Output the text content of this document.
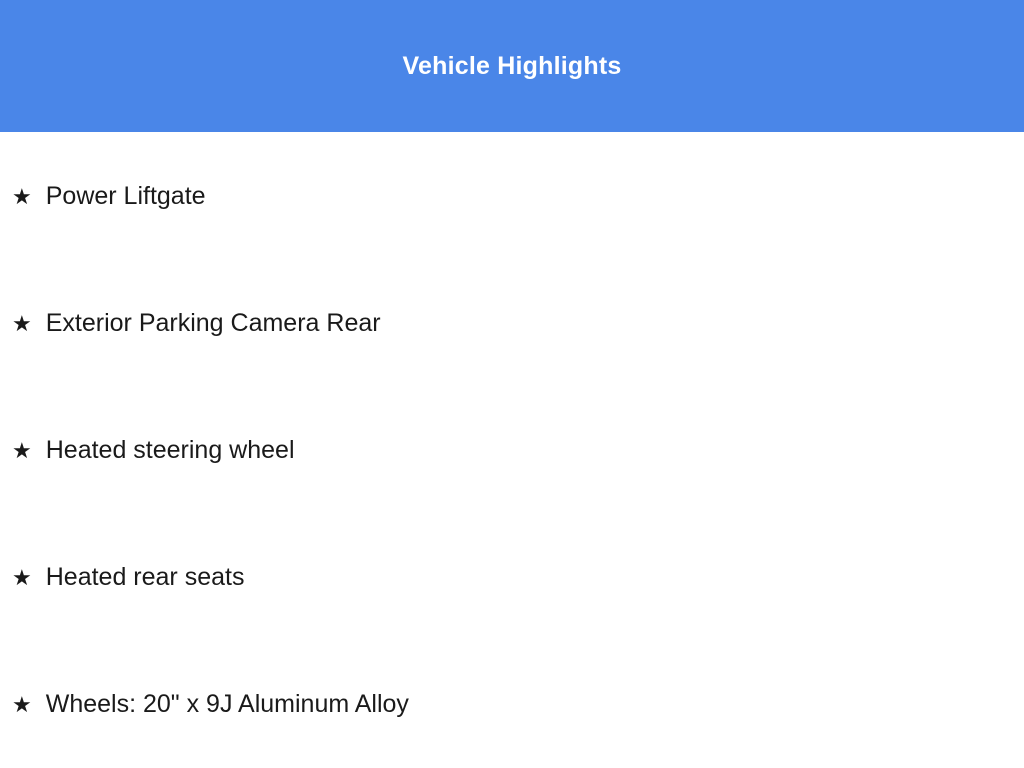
Vehicle Highlights
★ Power Liftgate
★ Exterior Parking Camera Rear
★ Heated steering wheel
★ Heated rear seats
★ Wheels: 20" x 9J Aluminum Alloy
